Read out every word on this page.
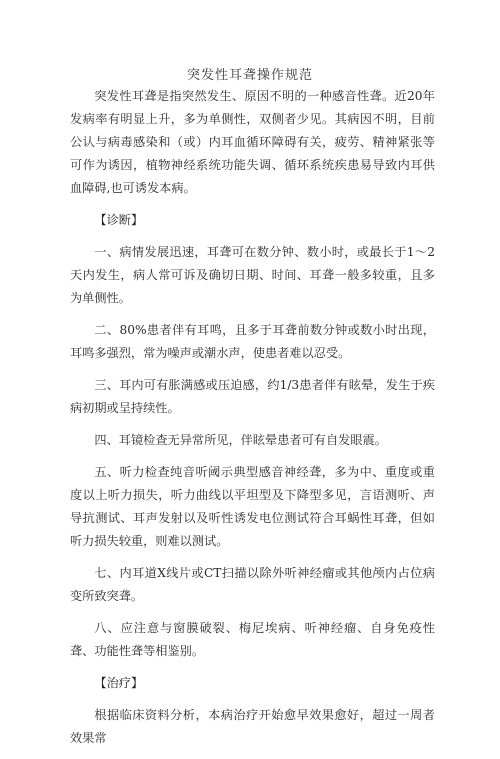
突发性耳聋操作规范

突发性耳聋是指突然发生、原因不明的一种感音性聋。近20年发病率有明显上升，多为单侧性，双侧者少见。其病因不明，目前公认与病毒感染和（或）内耳血循环障碍有关，疲劳、精神紧张等可作为诱因，植物神经系统功能失调、循环系统疾患易导致内耳供血障碍,也可诱发本病。

【诊断】

一、病情发展迅速，耳聋可在数分钟、数小时，或最长于1～2天内发生，病人常可诉及确切日期、时间、耳聋一般多较重，且多为单侧性。

二、80%患者伴有耳鸣，且多于耳聋前数分钟或数小时出现，耳鸣多强烈，常为噪声或潮水声，使患者难以忍受。

三、耳内可有胀满感或压迫感，约1/3患者伴有眩晕，发生于疾病初期或呈持续性。

四、耳镜检查无异常所见，伴眩晕患者可有自发眼震。

五、听力检查纯音听阈示典型感音神经聋，多为中、重度或重度以上听力损失，听力曲线以平坦型及下降型多见，言语测听、声导抗测试、耳声发射以及听性诱发电位测试符合耳蜗性耳聋，但如听力损失较重，则难以测试。

七、内耳道X线片或CT扫描以除外听神经瘤或其他颅内占位病变所致突聋。

八、应注意与窗膜破裂、梅尼埃病、听神经瘤、自身免疫性聋、功能性聋等相鉴别。

【治疗】

根据临床资料分析，本病治疗开始愈早效果愈好，超过一周者效果常
